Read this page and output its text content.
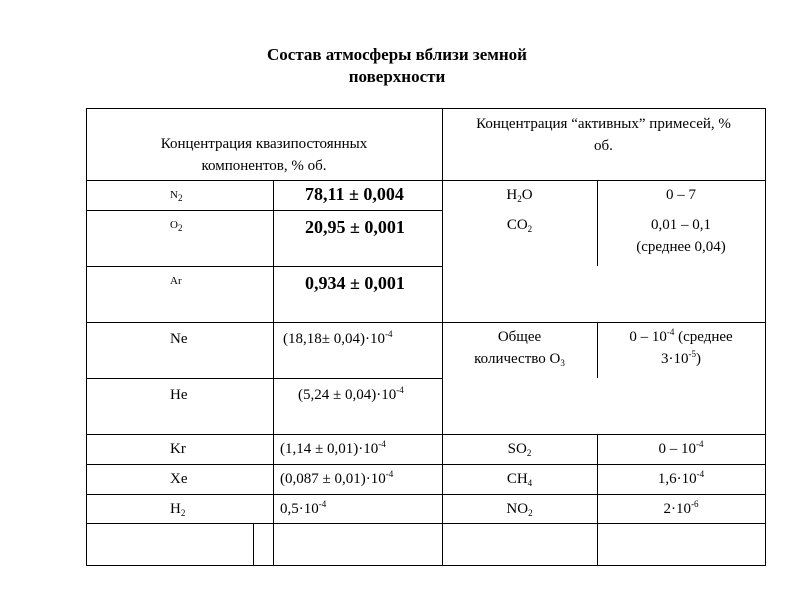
Состав атмосферы вблизи земной
поверхности
Концентрация квазипостоянных
компонентов, % об.
Концентрация “активных” примесей, %
об.
$N_2$
$O_2$
Ar
Ne
He
Kr
Xe
$H_2$
78,11 ± 0,004
20,95 ± 0,001
0,934 ± 0,001
$(18,18\pm 0,04)\cdot 10^{-4}$
$(5,24 \pm 0,04)\cdot 10^{-4}$
$(1,14 \pm 0,01)\cdot 10^{-4}$
$(0,087 \pm 0,01)\cdot 10^{-4}$
$0,5\cdot 10^{-4}$
$H_2O$
$CO_2$
Общее
количество $O_3$
$SO_2$
$CH_4$
$NO_2$
0 – 7
0,01 – 0,1
(среднее 0,04)
$0 - 10^{-4}$ (среднее
$3\cdot 10^{-5}$)
$0 - 10^{-4}$
$1,6\cdot 10^{-4}$
$2\cdot 10^{-6}$
